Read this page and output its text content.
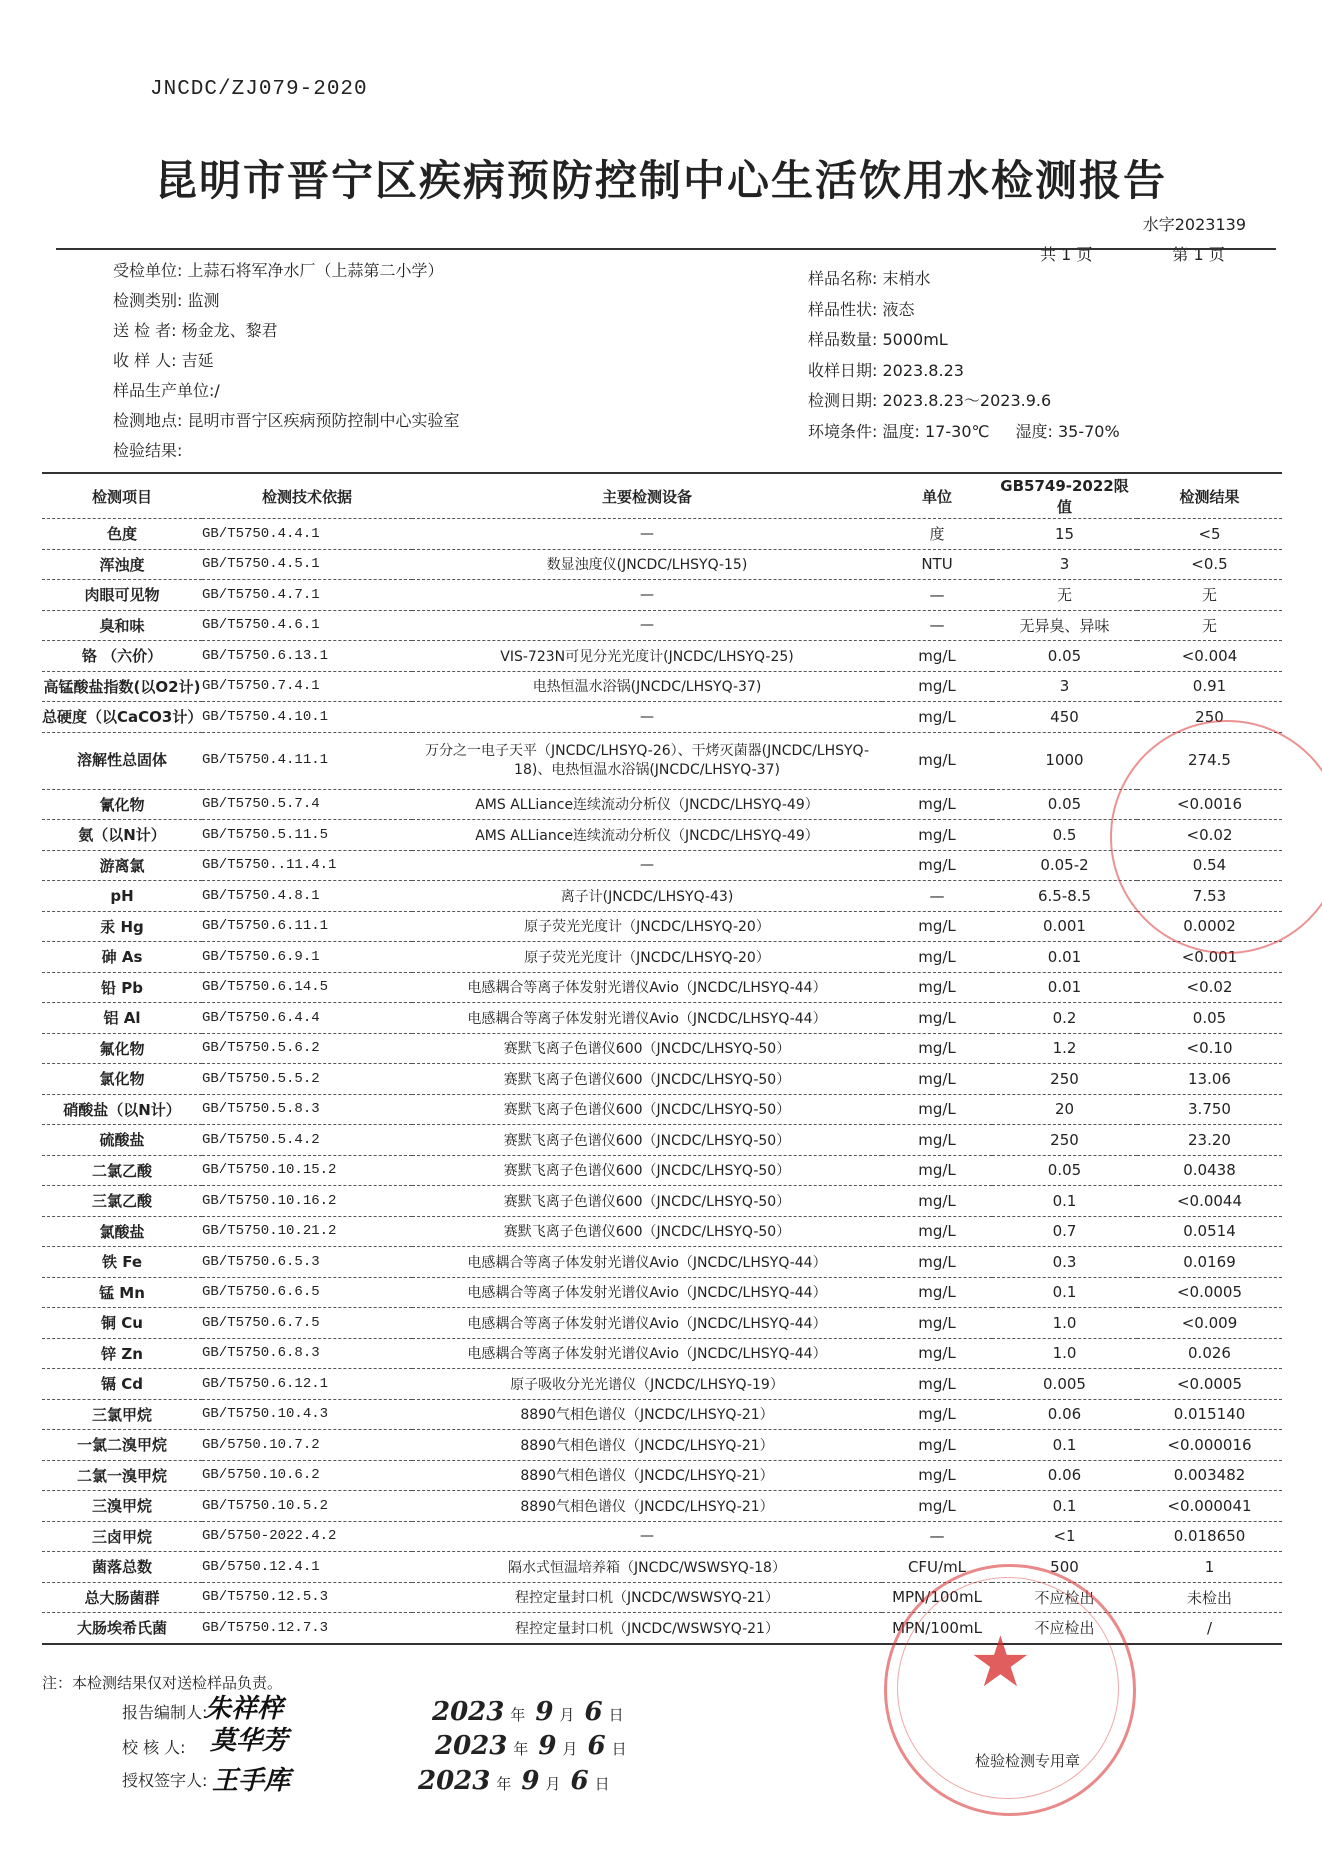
JNCDC/ZJ079-2020
昆明市晋宁区疾病预防控制中心生活饮用水检测报告
水字2023139
共 1 页	第 1 页
受检单位: 上蒜石将军净水厂（上蒜第二小学）
检测类别: 监测
送 检 者: 杨金龙、黎君
收 样 人: 吉延
样品生产单位:/
检测地点: 昆明市晋宁区疾病预防控制中心实验室
检验结果:
样品名称: 末梢水
样品性状: 液态
样品数量: 5000mL
收样日期: 2023.8.23
检测日期: 2023.8.23～2023.9.6
环境条件: 温度: 17-30℃ 湿度: 35-70%
检测项目	检测技术依据	主要检测设备	单位	GB5749-2022限值	检测结果
色度	GB/T5750.4.4.1	—	度	15	<5
浑浊度	GB/T5750.4.5.1	数显浊度仪(JNCDC/LHSYQ-15)	NTU	3	<0.5
肉眼可见物	GB/T5750.4.7.1	—	—	无	无
臭和味	GB/T5750.4.6.1	—	—	无异臭、异味	无
铬 （六价）	GB/T5750.6.13.1	VIS-723N可见分光光度计(JNCDC/LHSYQ-25)	mg/L	0.05	<0.004
高锰酸盐指数(以O2计)	GB/T5750.7.4.1	电热恒温水浴锅(JNCDC/LHSYQ-37)	mg/L	3	0.91
总硬度（以CaCO3计）	GB/T5750.4.10.1	—	mg/L	450	250
溶解性总固体	GB/T5750.4.11.1	万分之一电子天平（JNCDC/LHSYQ-26）、干烤灭菌器(JNCDC/LHSYQ-18)、电热恒温水浴锅(JNCDC/LHSYQ-37)	mg/L	1000	274.5
氰化物	GB/T5750.5.7.4	AMS ALLiance连续流动分析仪（JNCDC/LHSYQ-49）	mg/L	0.05	<0.0016
氨（以N计）	GB/T5750.5.11.5	AMS ALLiance连续流动分析仪（JNCDC/LHSYQ-49）	mg/L	0.5	<0.02
游离氯	GB/T5750..11.4.1	—	mg/L	0.05-2	0.54
pH	GB/T5750.4.8.1	离子计(JNCDC/LHSYQ-43)	—	6.5-8.5	7.53
汞 Hg	GB/T5750.6.11.1	原子荧光光度计（JNCDC/LHSYQ-20）	mg/L	0.001	0.0002
砷 As	GB/T5750.6.9.1	原子荧光光度计（JNCDC/LHSYQ-20）	mg/L	0.01	<0.001
铅 Pb	GB/T5750.6.14.5	电感耦合等离子体发射光谱仪Avio（JNCDC/LHSYQ-44）	mg/L	0.01	<0.02
铝 Al	GB/T5750.6.4.4	电感耦合等离子体发射光谱仪Avio（JNCDC/LHSYQ-44）	mg/L	0.2	0.05
氟化物	GB/T5750.5.6.2	赛默飞离子色谱仪600（JNCDC/LHSYQ-50）	mg/L	1.2	<0.10
氯化物	GB/T5750.5.5.2	赛默飞离子色谱仪600（JNCDC/LHSYQ-50）	mg/L	250	13.06
硝酸盐（以N计）	GB/T5750.5.8.3	赛默飞离子色谱仪600（JNCDC/LHSYQ-50）	mg/L	20	3.750
硫酸盐	GB/T5750.5.4.2	赛默飞离子色谱仪600（JNCDC/LHSYQ-50）	mg/L	250	23.20
二氯乙酸	GB/T5750.10.15.2	赛默飞离子色谱仪600（JNCDC/LHSYQ-50）	mg/L	0.05	0.0438
三氯乙酸	GB/T5750.10.16.2	赛默飞离子色谱仪600（JNCDC/LHSYQ-50）	mg/L	0.1	<0.0044
氯酸盐	GB/T5750.10.21.2	赛默飞离子色谱仪600（JNCDC/LHSYQ-50）	mg/L	0.7	0.0514
铁 Fe	GB/T5750.6.5.3	电感耦合等离子体发射光谱仪Avio（JNCDC/LHSYQ-44）	mg/L	0.3	0.0169
锰 Mn	GB/T5750.6.6.5	电感耦合等离子体发射光谱仪Avio（JNCDC/LHSYQ-44）	mg/L	0.1	<0.0005
铜 Cu	GB/T5750.6.7.5	电感耦合等离子体发射光谱仪Avio（JNCDC/LHSYQ-44）	mg/L	1.0	<0.009
锌 Zn	GB/T5750.6.8.3	电感耦合等离子体发射光谱仪Avio（JNCDC/LHSYQ-44）	mg/L	1.0	0.026
镉 Cd	GB/T5750.6.12.1	原子吸收分光光谱仪（JNCDC/LHSYQ-19）	mg/L	0.005	<0.0005
三氯甲烷	GB/T5750.10.4.3	8890气相色谱仪（JNCDC/LHSYQ-21）	mg/L	0.06	0.015140
一氯二溴甲烷	GB/5750.10.7.2	8890气相色谱仪（JNCDC/LHSYQ-21）	mg/L	0.1	<0.000016
二氯一溴甲烷	GB/5750.10.6.2	8890气相色谱仪（JNCDC/LHSYQ-21）	mg/L	0.06	0.003482
三溴甲烷	GB/T5750.10.5.2	8890气相色谱仪（JNCDC/LHSYQ-21）	mg/L	0.1	<0.000041
三卤甲烷	GB/5750-2022.4.2	—	—	<1	0.018650
菌落总数	GB/5750.12.4.1	隔水式恒温培养箱（JNCDC/WSWSYQ-18）	CFU/mL	500	1
总大肠菌群	GB/T5750.12.5.3	程控定量封口机（JNCDC/WSWSYQ-21）	MPN/100mL	不应检出	未检出
大肠埃希氏菌	GB/T5750.12.7.3	程控定量封口机（JNCDC/WSWSYQ-21）	MPN/100mL	不应检出	/
注：本检测结果仅对送检样品负责。
报告编制人:
朱祥梓
校 核 人: 莫华芳
授权签字人: 王手库
2023 年 9 月 6 日
2023 年 9 月 6 日
2023 年 9 月 6 日
★
检验检测专用章
